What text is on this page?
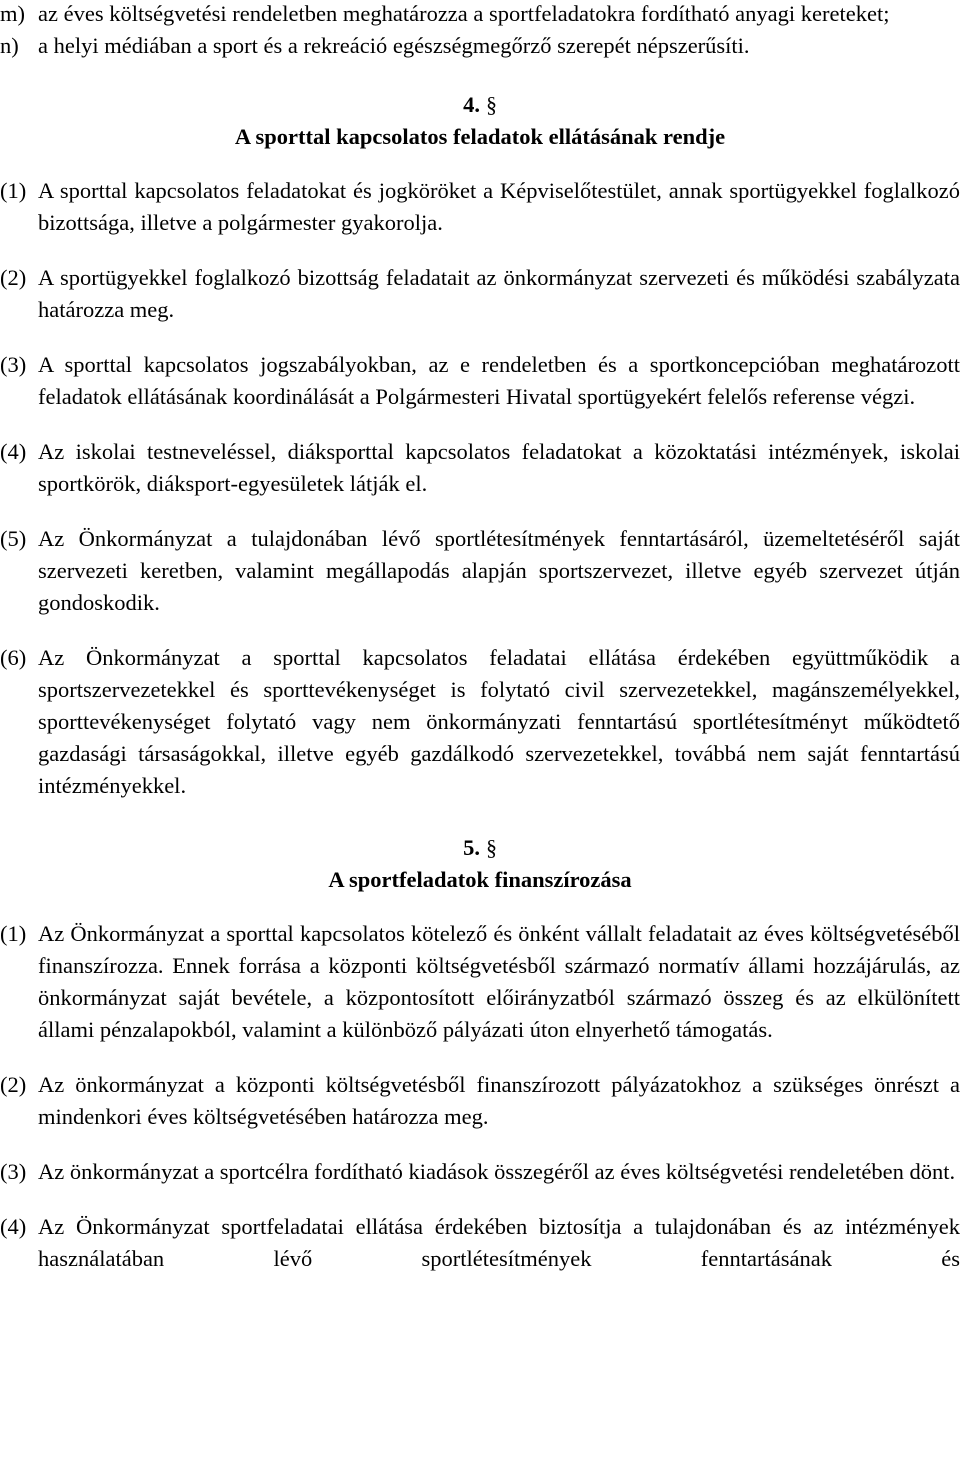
m) az éves költségvetési rendeletben meghatározza a sportfeladatokra fordítható anyagi kereteket;
n) a helyi médiában a sport és a rekreáció egészségmegőrző szerepét népszerűsíti.
4. §
A sporttal kapcsolatos feladatok ellátásának rendje
(1) A sporttal kapcsolatos feladatokat és jogköröket a Képviselőtestület, annak sportügyekkel foglalkozó bizottsága, illetve a polgármester gyakorolja.
(2) A sportügyekkel foglalkozó bizottság feladatait az önkormányzat szervezeti és működési szabályzata határozza meg.
(3) A sporttal kapcsolatos jogszabályokban, az e rendeletben és a sportkoncepcióban meghatározott feladatok ellátásának koordinálását a Polgármesteri Hivatal sportügyekért felelős referense végzi.
(4) Az iskolai testneveléssel, diáksporttal kapcsolatos feladatokat a közoktatási intézmények, iskolai sportkörök, diáksport-egyesületek látják el.
(5) Az Önkormányzat a tulajdonában lévő sportlétesítmények fenntartásáról, üzemeltetéséről saját szervezeti keretben, valamint megállapodás alapján sportszervezet, illetve egyéb szervezet útján gondoskodik.
(6) Az Önkormányzat a sporttal kapcsolatos feladatai ellátása érdekében együttműködik a sportszervezetekkel és sporttevékenységet is folytató civil szervezetekkel, magánszemélyekkel, sporttevékenységet folytató vagy nem önkormányzati fenntartású sportlétesítményt működtető gazdasági társaságokkal, illetve egyéb gazdálkodó szervezetekkel, továbbá nem saját fenntartású intézményekkel.
5. §
A sportfeladatok finanszírozása
(1) Az Önkormányzat a sporttal kapcsolatos kötelező és önként vállalt feladatait az éves költségvetéséből finanszírozza. Ennek forrása a központi költségvetésből származó normatív állami hozzájárulás, az önkormányzat saját bevétele, a központosított előirányzatból származó összeg és az elkülönített állami pénzalapokból, valamint a különböző pályázati úton elnyerhető támogatás.
(2) Az önkormányzat a központi költségvetésből finanszírozott pályázatokhoz a szükséges önrészt a mindenkori éves költségvetésében határozza meg.
(3) Az önkormányzat a sportcélra fordítható kiadások összegéről az éves költségvetési rendeletében dönt.
(4) Az Önkormányzat sportfeladatai ellátása érdekében biztosítja a tulajdonában és az intézmények használatában lévő sportlétesítmények fenntartásának és
